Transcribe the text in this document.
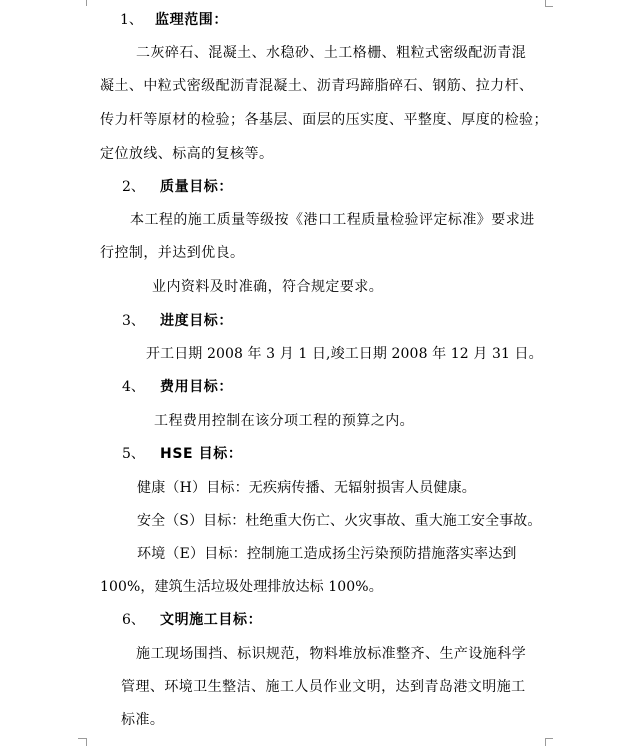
1、 监理范围：
二灰碎石、混凝土、水稳砂、土工格栅、粗粒式密级配沥青混
凝土、中粒式密级配沥青混凝土、沥青玛蹄脂碎石、钢筋、拉力杆、
传力杆等原材的检验；各基层、面层的压实度、平整度、厚度的检验；
定位放线、标高的复核等。
2、 质量目标：
本工程的施工质量等级按《港口工程质量检验评定标准》要求进
行控制，并达到优良。
业内资料及时准确，符合规定要求。
3、 进度目标：
开工日期 2008 年 3 月 1 日,竣工日期 2008 年 12 月 31 日。
4、 费用目标：
工程费用控制在该分项工程的预算之内。
5、 HSE 目标：
健康（H）目标：无疾病传播、无辐射损害人员健康。
安全（S）目标：杜绝重大伤亡、火灾事故、重大施工安全事故。
环境（E）目标：控制施工造成扬尘污染预防措施落实率达到
100%，建筑生活垃圾处理排放达标 100%。
6、 文明施工目标：
施工现场围挡、标识规范，物料堆放标准整齐、生产设施科学
管理、环境卫生整洁、施工人员作业文明，达到青岛港文明施工
标准。
